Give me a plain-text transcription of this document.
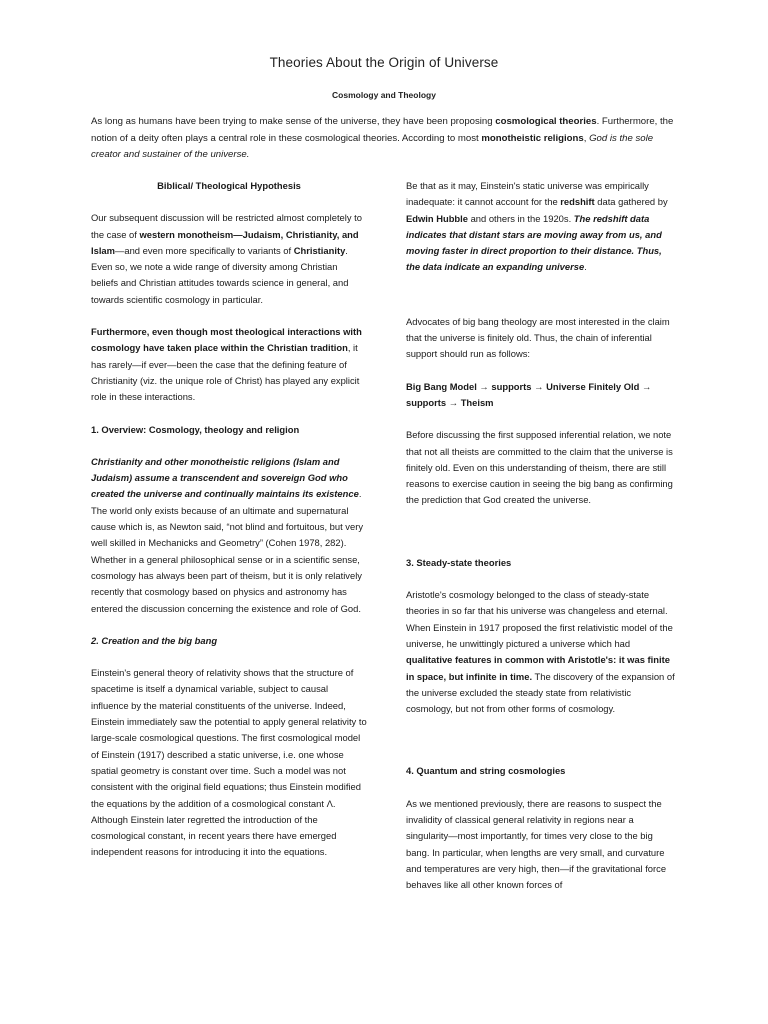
Theories About the Origin of Universe
Cosmology and Theology
As long as humans have been trying to make sense of the universe, they have been proposing cosmological theories. Furthermore, the notion of a deity often plays a central role in these cosmological theories. According to most monotheistic religions, God is the sole creator and sustainer of the universe.

Biblical/ Theological Hypothesis

Our subsequent discussion will be restricted almost completely to the case of western monotheism—Judaism, Christianity, and Islam—and even more specifically to variants of Christianity. Even so, we note a wide range of diversity among Christian beliefs and Christian attitudes towards science in general, and towards scientific cosmology in particular.

Furthermore, even though most theological interactions with cosmology have taken place within the Christian tradition, it has rarely—if ever—been the case that the defining feature of Christianity (viz. the unique role of Christ) has played any explicit role in these interactions.

1. Overview: Cosmology, theology and religion

Christianity and other monotheistic religions (Islam and Judaism) assume a transcendent and sovereign God who created the universe and continually maintains its existence. The world only exists because of an ultimate and supernatural cause which is, as Newton said, “not blind and fortuitous, but very well skilled in Mechanicks and Geometry” (Cohen 1978, 282). Whether in a general philosophical sense or in a scientific sense, cosmology has always been part of theism, but it is only relatively recently that cosmology based on physics and astronomy has entered the discussion concerning the existence and role of God.

2. Creation and the big bang

Einstein's general theory of relativity shows that the structure of spacetime is itself a dynamical variable, subject to causal influence by the material constituents of the universe. Indeed, Einstein immediately saw the potential to apply general relativity to large-scale cosmological questions. The first cosmological model of Einstein (1917) described a static universe, i.e. one whose spatial geometry is constant over time. Such a model was not consistent with the original field equations; thus Einstein modified the equations by the addition of a cosmological constant Λ. Although Einstein later regretted the introduction of the cosmological constant, in recent years there have emerged independent reasons for introducing it into the equations.

Be that as it may, Einstein's static universe was empirically inadequate: it cannot account for the redshift data gathered by Edwin Hubble and others in the 1920s. The redshift data indicates that distant stars are moving away from us, and moving faster in direct proportion to their distance. Thus, the data indicate an expanding universe.

Advocates of big bang theology are most interested in the claim that the universe is finitely old. Thus, the chain of inferential support should run as follows:

Big Bang Model → supports → Universe Finitely Old → supports → Theism

Before discussing the first supposed inferential relation, we note that not all theists are committed to the claim that the universe is finitely old. Even on this understanding of theism, there are still reasons to exercise caution in seeing the big bang as confirming the prediction that God created the universe.

3. Steady-state theories

Aristotle's cosmology belonged to the class of steady-state theories in so far that his universe was changeless and eternal. When Einstein in 1917 proposed the first relativistic model of the universe, he unwittingly pictured a universe which had qualitative features in common with Aristotle's: it was finite in space, but infinite in time. The discovery of the expansion of the universe excluded the steady state from relativistic cosmology, but not from other forms of cosmology.

4. Quantum and string cosmologies

As we mentioned previously, there are reasons to suspect the invalidity of classical general relativity in regions near a singularity—most importantly, for times very close to the big bang. In particular, when lengths are very small, and curvature and temperatures are very high, then—if the gravitational force behaves like all other known forces of
